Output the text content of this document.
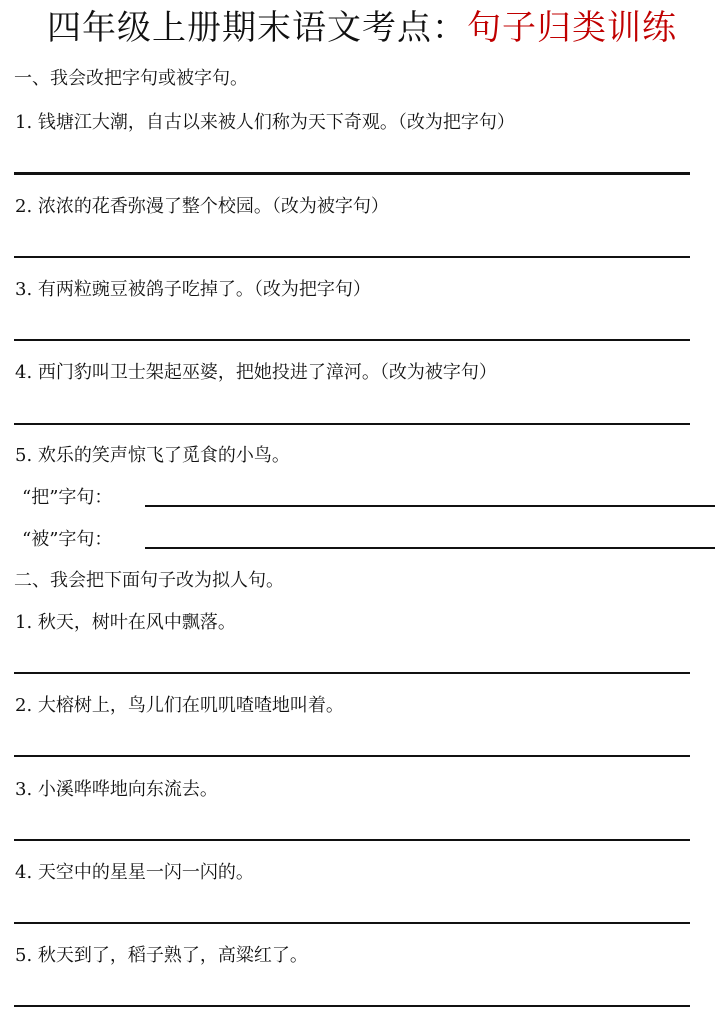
四年级上册期末语文考点：句子归类训练
一、我会改把字句或被字句。
1. 钱塘江大潮，自古以来被人们称为天下奇观。（改为把字句）
2. 浓浓的花香弥漫了整个校园。（改为被字句）
3. 有两粒豌豆被鸽子吃掉了。（改为把字句）
4. 西门豹叫卫士架起巫婆，把她投进了漳河。（改为被字句）
5. 欢乐的笑声惊飞了觅食的小鸟。
“把”字句：
“被”字句：
二、我会把下面句子改为拟人句。
1. 秋天，树叶在风中飘落。
2. 大榕树上，鸟儿们在叽叽喳喳地叫着。
3. 小溪哗哗地向东流去。
4. 天空中的星星一闪一闪的。
5. 秋天到了，稻子熟了，高粱红了。
